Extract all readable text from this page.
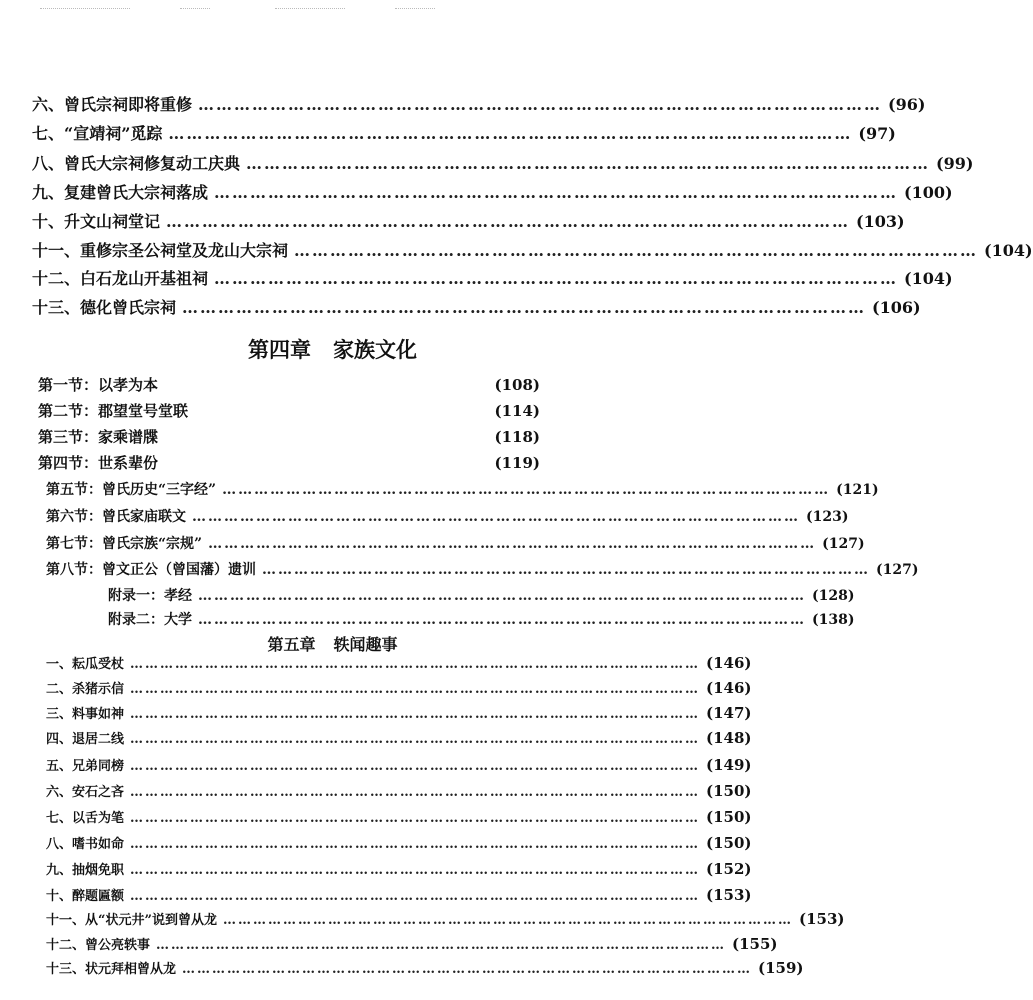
六、曾氏宗祠即将重修 …………………………………………………………………………………………………… (96)
七、“宣靖祠”觅踪 …………………………………………………………………………………………………… (97)
八、曾氏大宗祠修复动工庆典 …………………………………………………………………………………………………… (99)
九、复建曾氏大宗祠落成 …………………………………………………………………………………………………… (100)
十、升文山祠堂记 …………………………………………………………………………………………………… (103)
十一、重修宗圣公祠堂及龙山大宗祠 …………………………………………………………………………………………………… (104)
十二、白石龙山开基祖祠 …………………………………………………………………………………………………… (104)
十三、德化曾氏宗祠 …………………………………………………………………………………………………… (106)
第四章 家族文化
第一节：以孝为本	(108)
第二节：郡望堂号堂联	(114)
第三节：家乘谱牒	(118)
第四节：世系辈份	(119)
第五节：曾氏历史“三字经” …………………………………………………………………………………………………… (121)
第六节：曾氏家庙联文 …………………………………………………………………………………………………… (123)
第七节：曾氏宗族“宗规” …………………………………………………………………………………………………… (127)
第八节：曾文正公（曾国藩）遗训 …………………………………………………………………………………………………… (127)
附录一：孝经 …………………………………………………………………………………………………… (128)
附录二：大学 …………………………………………………………………………………………………… (138)
第五章 轶闻趣事
一、耘瓜受杖 …………………………………………………………………………………………………… (146)
二、杀猪示信 …………………………………………………………………………………………………… (146)
三、料事如神 …………………………………………………………………………………………………… (147)
四、退居二线 …………………………………………………………………………………………………… (148)
五、兄弟同榜 …………………………………………………………………………………………………… (149)
六、安石之吝 …………………………………………………………………………………………………… (150)
七、以舌为笔 …………………………………………………………………………………………………… (150)
八、嗜书如命 …………………………………………………………………………………………………… (150)
九、抽烟免职 …………………………………………………………………………………………………… (152)
十、醉题匾额 …………………………………………………………………………………………………… (153)
十一、从“状元井”说到曾从龙 …………………………………………………………………………………………………… (153)
十二、曾公亮轶事 …………………………………………………………………………………………………… (155)
十三、状元拜相曾从龙 …………………………………………………………………………………………………… (159)
